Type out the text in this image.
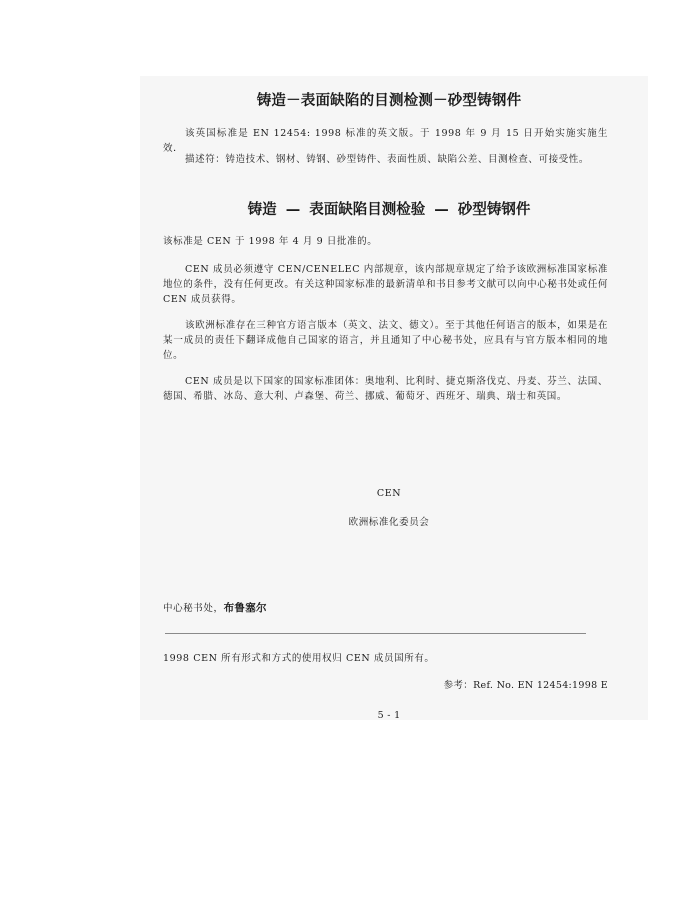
铸造－表面缺陷的目测检测－砂型铸钢件
该英国标准是 EN 12454: 1998 标准的英文版。于 1998 年 9 月 15 日开始实施实施生效．
描述符：铸造技术、钢材、铸钢、砂型铸件、表面性质、缺陷公差、目测检查、可接受性。
铸造 — 表面缺陷目测检验 — 砂型铸钢件
该标准是 CEN 于 1998 年 4 月 9 日批准的。
CEN 成员必须遵守 CEN/CENELEC 内部规章，该内部规章规定了给予该欧洲标准国家标准地位的条件，没有任何更改。有关这种国家标准的最新清单和书目参考文献可以向中心秘书处或任何 CEN 成员获得。
该欧洲标准存在三种官方语言版本（英文、法文、德文）。至于其他任何语言的版本，如果是在某一成员的责任下翻译成他自己国家的语言，并且通知了中心秘书处，应具有与官方版本相同的地位。
CEN 成员是以下国家的国家标准团体：奥地利、比利时、捷克斯洛伐克、丹麦、芬兰、法国、德国、希腊、冰岛、意大利、卢森堡、荷兰、挪威、葡萄牙、西班牙、瑞典、瑞士和英国。
CEN
欧洲标准化委员会
中心秘书处，布鲁塞尔
1998 CEN 所有形式和方式的使用权归 CEN 成员国所有。
参考：Ref. No. EN 12454:1998 E
5 - 1
